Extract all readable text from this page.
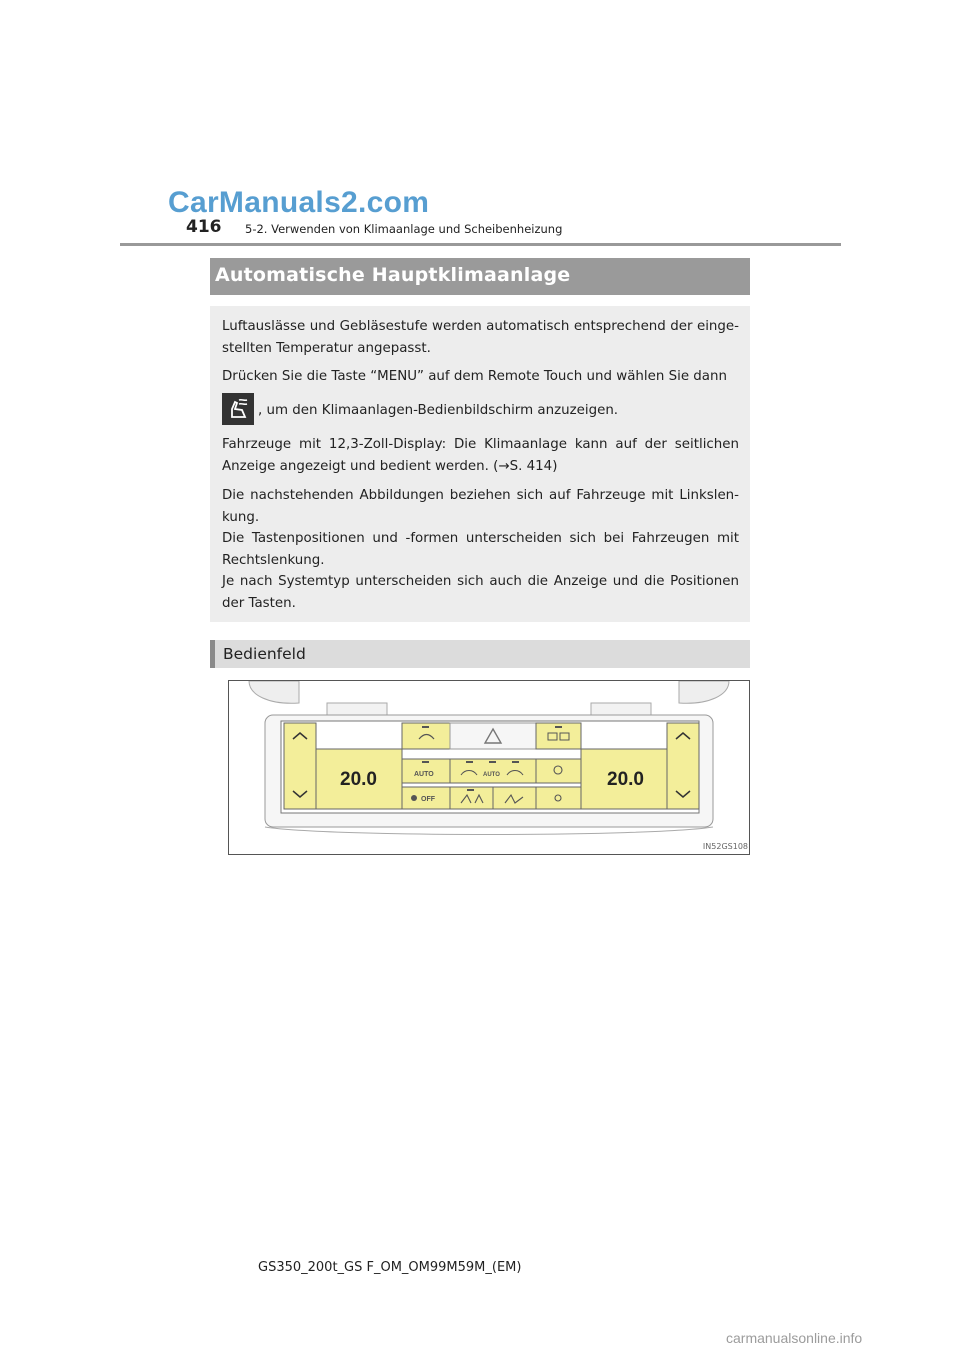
CarManuals2.com
416 5-2. Verwenden von Klimaanlage und Scheibenheizung
Automatische Hauptklimaanlage

Luftauslässe und Gebläsestufe werden automatisch entsprechend der einge-stellten Temperatur angepasst.

Drücken Sie die Taste “MENU” auf dem Remote Touch und wählen Sie dann

, um den Klimaanlagen-Bedienbildschirm anzuzeigen.

Fahrzeuge mit 12,3-Zoll-Display: Die Klimaanlage kann auf der seitlichen Anzeige angezeigt und bedient werden. (→S. 414)

Die nachstehenden Abbildungen beziehen sich auf Fahrzeuge mit Linkslen-kung.

Die Tastenpositionen und -formen unterscheiden sich bei Fahrzeugen mit Rechtslenkung.

Je nach Systemtyp unterscheiden sich auch die Anzeige und die Positionen der Tasten.

Bedienfeld
20.0	20.0
AUTO	AUTO
OFF
IN52GS108
GS350_200t_GS F_OM_OM99M59M_(EM)
carmanualsonline.info
